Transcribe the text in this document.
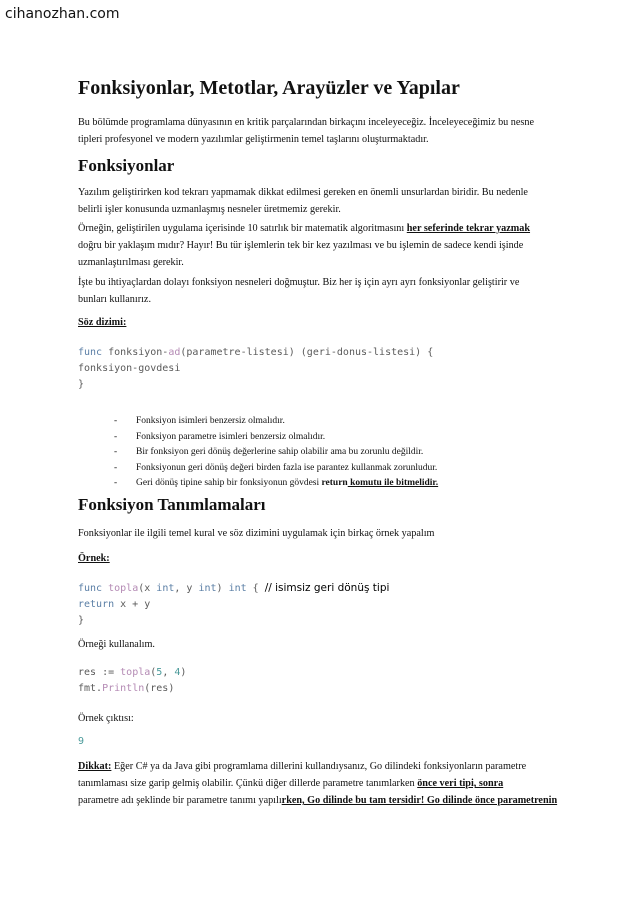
cihanozhan.com
Fonksiyonlar, Metotlar, Arayüzler ve Yapılar
Bu bölümde programlama dünyasının en kritik parçalarından birkaçını inceleyeceğiz. İnceleyeceğimiz bu nesne
tipleri profesyonel ve modern yazılımlar geliştirmenin temel taşlarını oluşturmaktadır.
Fonksiyonlar
Yazılım geliştirirken kod tekrarı yapmamak dikkat edilmesi gereken en önemli unsurlardan biridir. Bu nedenle
belirli işler konusunda uzmanlaşmış nesneler üretmemiz gerekir.
Örneğin, geliştirilen uygulama içerisinde 10 satırlık bir matematik algoritmasını her seferinde tekrar yazmak
doğru bir yaklaşım mıdır? Hayır! Bu tür işlemlerin tek bir kez yazılması ve bu işlemin de sadece kendi işinde
uzmanlaştırılması gerekir.
İşte bu ihtiyaçlardan dolayı fonksiyon nesneleri doğmuştur. Biz her iş için ayrı ayrı fonksiyonlar geliştirir ve
bunları kullanırız.
Söz dizimi:
func fonksiyon-ad(parametre-listesi) (geri-donus-listesi) {
fonksiyon-govdesi
}
-	Fonksiyon isimleri benzersiz olmalıdır.
-	Fonksiyon parametre isimleri benzersiz olmalıdır.
-	Bir fonksiyon geri dönüş değerlerine sahip olabilir ama bu zorunlu değildir.
-	Fonksiyonun geri dönüş değeri birden fazla ise parantez kullanmak zorunludur.
-	Geri dönüş tipine sahip bir fonksiyonun gövdesi return komutu ile bitmelidir.
Fonksiyon Tanımlamaları
Fonksiyonlar ile ilgili temel kural ve söz dizimini uygulamak için birkaç örnek yapalım
Örnek:
func topla(x int, y int) int { // isimsiz geri dönüş tipi
return x + y
}
Örneği kullanalım.
res := topla(5, 4)
fmt.Println(res)
Örnek çıktısı:
9
Dikkat: Eğer C# ya da Java gibi programlama dillerini kullandıysanız, Go dilindeki fonksiyonların parametre
tanımlaması size garip gelmiş olabilir. Çünkü diğer dillerde parametre tanımlarken önce veri tipi, sonra
parametre adı şeklinde bir parametre tanımı yapılırken, Go dilinde bu tam tersidir! Go dilinde önce parametrenin
